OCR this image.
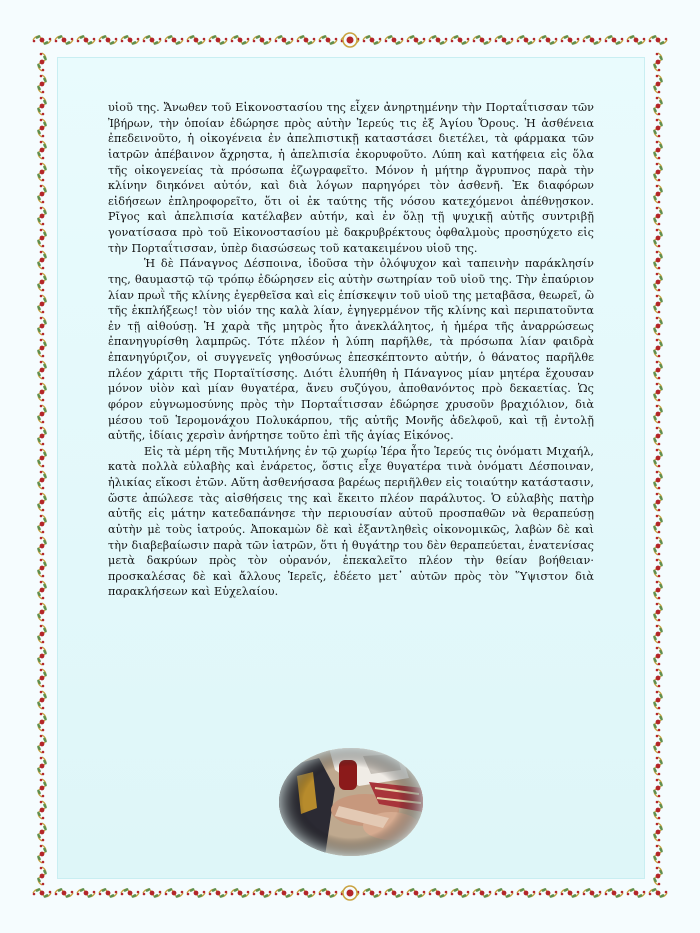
υἱοῦ της. Ἄνωθεν τοῦ Εἰκονοστασίου της εἶχεν ἀνηρτημένην τὴν Πορταΐτισσαν τῶν Ἰβήρων, τὴν ὁποίαν ἐδώρησε πρὸς αὐτὴν Ἱερεύς τις ἐξ Ἁγίου Ὄρους. Ἡ ἀσθένεια ἐπεδεινοῦτο, ἡ οἰκογένεια ἐν ἀπελπιστικῇ καταστάσει διετέλει, τὰ φάρμακα τῶν ἰατρῶν ἀπέβαινον ἄχρηστα, ἡ ἀπελπισία ἐκορυφοῦτο. Λύπη καὶ κατήφεια εἰς ὅλα τῆς οἰκογενείας τὰ πρόσωπα ἐζωγραφεῖτο. Μόνον ἡ μήτηρ ἄγρυπνος παρὰ τὴν κλίνην διηκόνει αὐτόν, καὶ διὰ λόγων παρηγόρει τὸν ἀσθενῆ. Ἐκ διαφόρων εἰδήσεων ἐπληροφορεῖτο, ὅτι οἱ ἐκ ταύτης τῆς νόσου κατεχόμενοι ἀπέθνῃσκον. Ρῖγος καὶ ἀπελπισία κατέλαβεν αὐτήν, καὶ ἐν ὅλῃ τῇ ψυχικῇ αὐτῆς συντριβῇ γονατίσασα πρὸ τοῦ Εἰκονοστασίου μὲ δακρυβρέκτους ὀφθαλμοὺς προσηύχετο εἰς τὴν Πορταΐτισσαν, ὑπὲρ διασώσεως τοῦ κατακειμένου υἱοῦ της.

Ἡ δὲ Πάναγνος Δέσποινα, ἰδοῦσα τὴν ὀλόψυχον καὶ ταπεινὴν παράκλησίν της, θαυμαστῷ τῷ τρόπῳ ἐδώρησεν εἰς αὐτὴν σωτηρίαν τοῦ υἱοῦ της. Τὴν ἐπαύριον λίαν πρωῒ τῆς κλίνης ἐγερθεῖσα καὶ εἰς ἐπίσκεψιν τοῦ υἱοῦ της μεταβᾶσα, θεωρεῖ, ὢ τῆς ἐκπλήξεως! τὸν υἱόν της καλὰ λίαν, ἐγηγερμένον τῆς κλίνης καὶ περιπατοῦντα ἐν τῇ αἰθούσῃ. Ἡ χαρὰ τῆς μητρὸς ἦτο ἀνεκλάλητος, ἡ ἡμέρα τῆς ἀναρρώσεως ἐπανηγυρίσθη λαμπρῶς. Τότε πλέον ἡ λύπη παρῆλθε, τὰ πρόσωπα λίαν φαιδρὰ ἐπανηγύριζον, οἱ συγγενεῖς γηθοσύνως ἐπεσκέπτοντο αὐτήν, ὁ θάνατος παρῆλθε πλέον χάριτι τῆς Πορταϊτίσσης. Διότι ἐλυπήθη ἡ Πάναγνος μίαν μητέρα ἔχουσαν μόνον υἱὸν καὶ μίαν θυγατέρα, ἄνευ συζύγου, ἀποθανόντος πρὸ δεκαετίας. Ὡς φόρον εὐγνωμοσύνης πρὸς τὴν Πορταΐτισσαν ἐδώρησε χρυσοῦν βραχιόλιον, διὰ μέσου τοῦ Ἱερομονάχου Πολυκάρπου, τῆς αὐτῆς Μονῆς ἀδελφοῦ, καὶ τῇ ἐντολῇ αὐτῆς, ἰδίαις χερσὶν ἀνήρτησε τοῦτο ἐπὶ τῆς ἁγίας Εἰκόνος.

Εἰς τὰ μέρη τῆς Μυτιλήνης ἐν τῷ χωρίῳ Ἱέρα ἦτο Ἱερεύς τις ὀνόματι Μιχαήλ, κατὰ πολλὰ εὐλαβὴς καὶ ἐνάρετος, ὅστις εἶχε θυγατέρα τινὰ ὀνόματι Δέσποιναν, ἡλικίας εἴκοσι ἐτῶν. Αὕτη ἀσθενήσασα βαρέως περιῆλθεν εἰς τοιαύτην κατάστασιν, ὥστε ἀπώλεσε τὰς αἰσθήσεις της καὶ ἔκειτο πλέον παράλυτος. Ὁ εὐλαβὴς πατὴρ αὐτῆς εἰς μάτην κατεδαπάνησε τὴν περιουσίαν αὐτοῦ προσπαθῶν νὰ θεραπεύσῃ αὐτὴν μὲ τοὺς ἰατρούς. Ἀποκαμὼν δὲ καὶ ἐξαντληθεὶς οἰκονομικῶς, λαβὼν δὲ καὶ τὴν διαβεβαίωσιν παρὰ τῶν ἰατρῶν, ὅτι ἡ θυγάτηρ του δὲν θεραπεύεται, ἐνατενίσας μετὰ δακρύων πρὸς τὸν οὐρανόν, ἐπεκαλεῖτο πλέον τὴν θείαν βοήθειαν· προσκαλέσας δὲ καὶ ἄλλους Ἱερεῖς, ἐδέετο μετ᾽ αὐτῶν πρὸς τὸν Ὕψιστον διὰ παρακλήσεων καὶ Εὐχελαίου.
